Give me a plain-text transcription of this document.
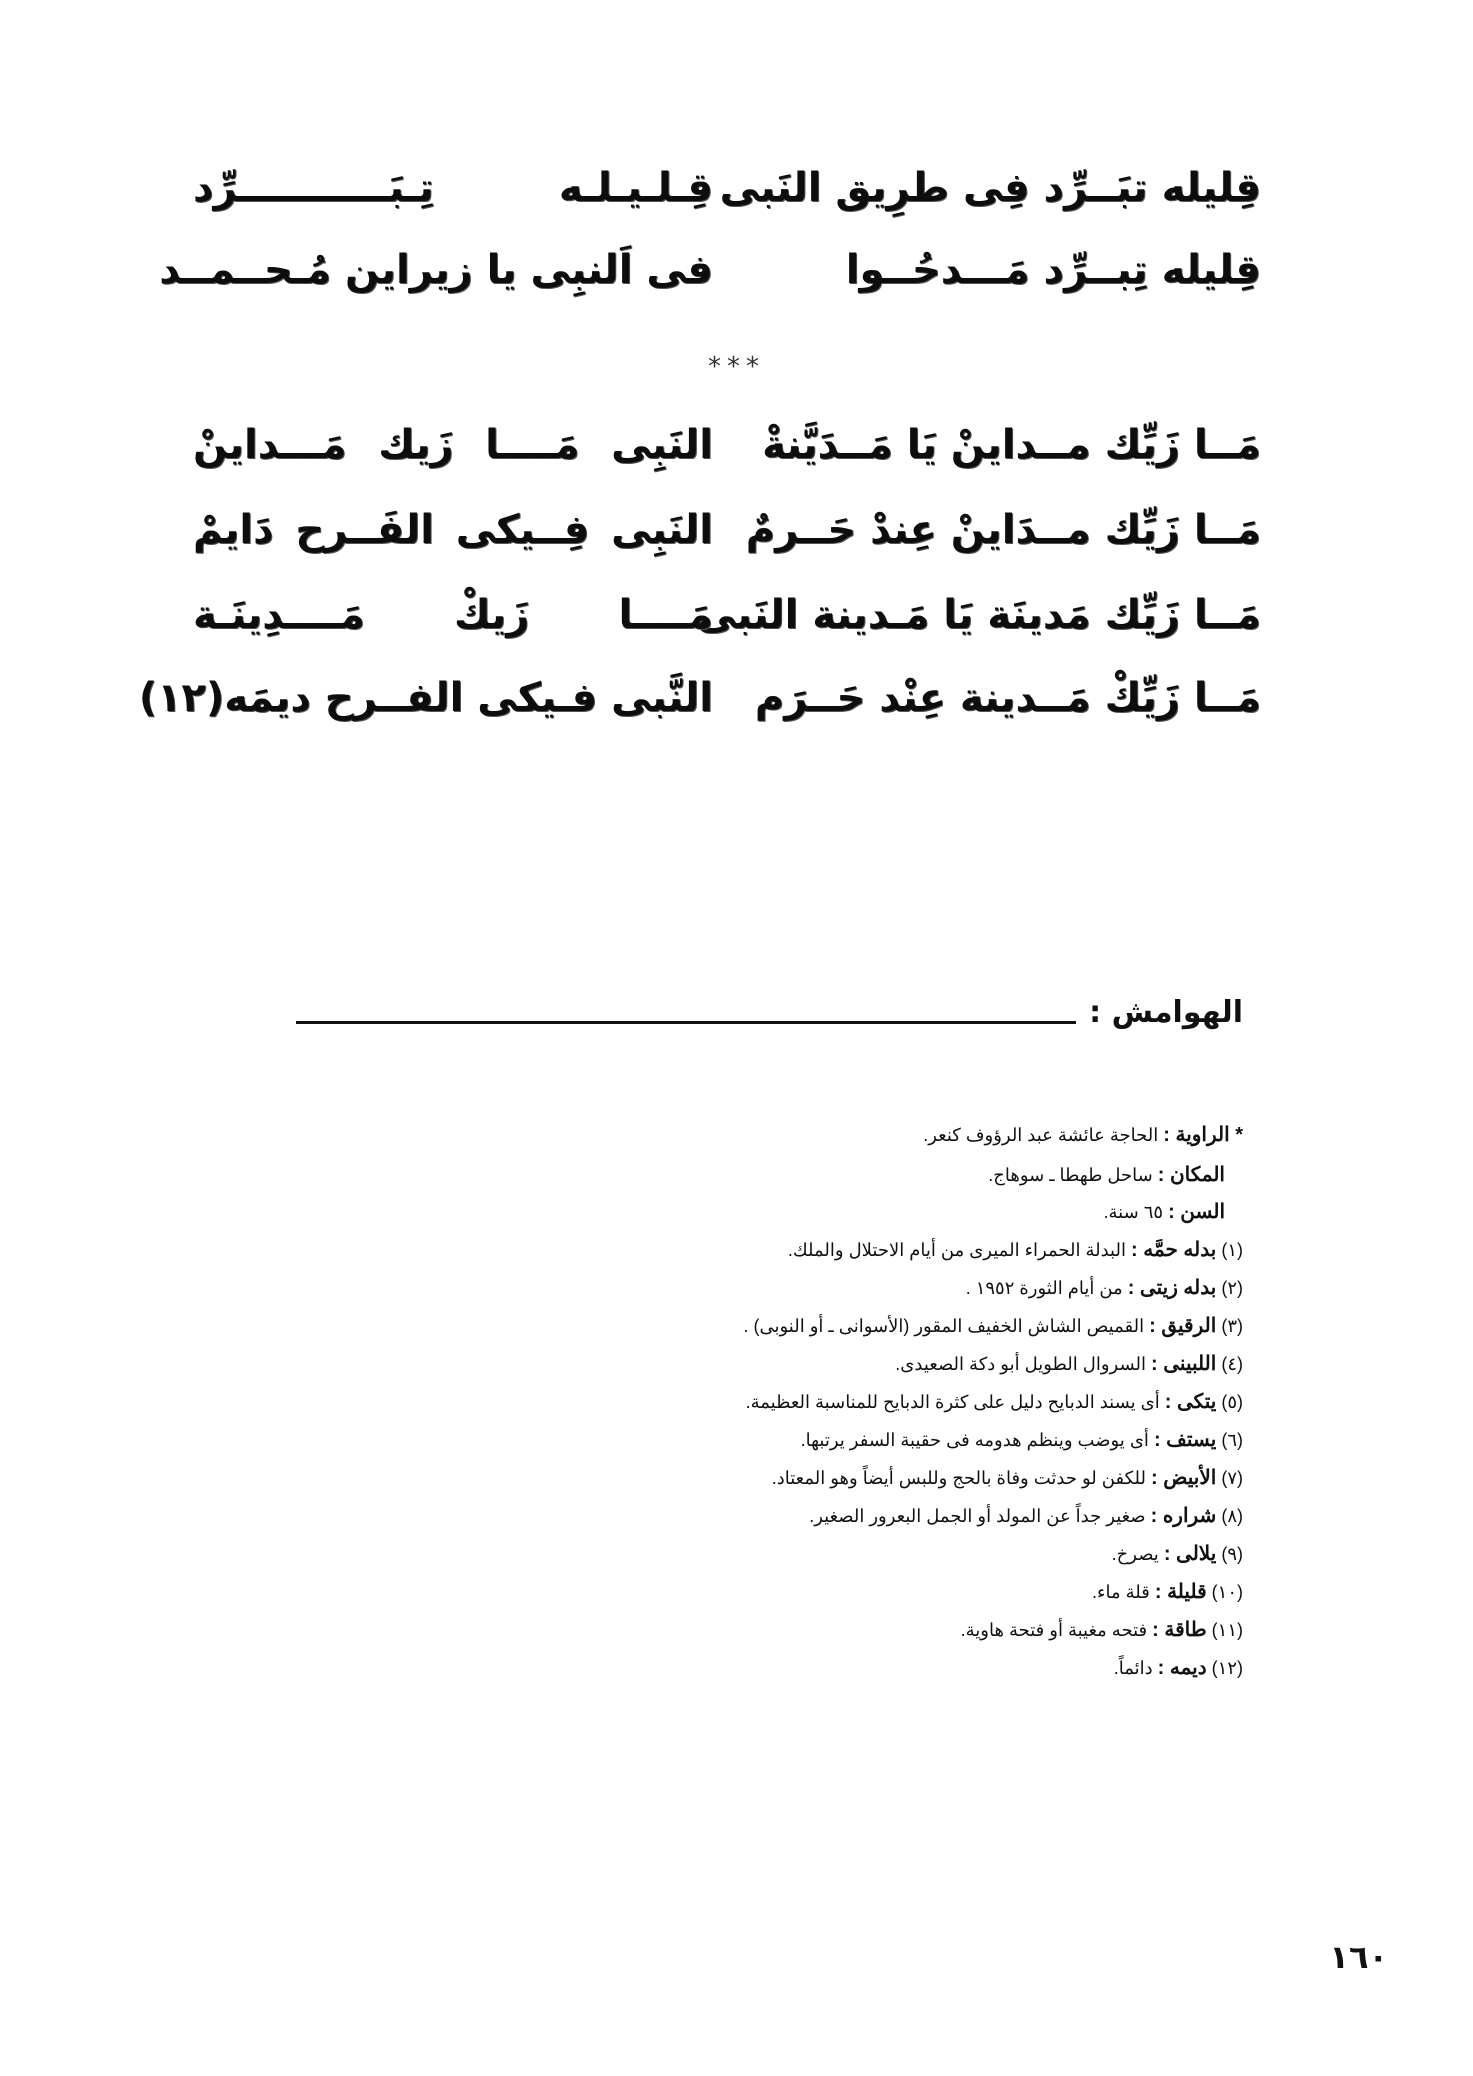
قِليله تبَــرِّد فِى طرِيق النَبى
قِـلـيـلـه تِـبَـــــــــــرِّد
قِليله تِبــرِّد مَـــدحُــوا
فى اَلنبِى يا زيراين مُـحــمــد
***
مَــا زَيِّك مــداينْ يَا مَــدَيَّنةْ
النَبِى مَــــا زَيك مَـــداينْ
مَــا زَيِّك مــدَاينْ عِندْ حَــرمٌ
النَبِى فِــيكى الفَــرح دَايمْ
مَــا زَيِّك مَدينَة يَا مَـدينة النَبى
مَــــا زَيكْ مَــــدِينَـة
مَــا زَيِّكْ مَــدينة عِنْد حَــرَم
النَّبى فـيكى الفــرح ديمَه(١٢)
الهوامش :
* الراوية : الحاجة عائشة عبد الرؤوف كنعر.
المكان : ساحل طهطا ـ سوهاج.
السن : ٦٥ سنة.
(١) بدله حمَّه : البدلة الحمراء الميرى من أيام الاحتلال والملك.
(٢) بدله زيتى : من أيام الثورة ١٩٥٢ .
(٣) الرقيق : القميص الشاش الخفيف المقور (الأسوانى ـ أو النوبى) .
(٤) اللبينى : السروال الطويل أبو دكة الصعيدى.
(٥) يتكى : أى يسند الدبايح دليل على كثرة الدبايح للمناسبة العظيمة.
(٦) يستف : أى يوضب وينظم هدومه فى حقيبة السفر يرتبها.
(٧) الأبيض : للكفن لو حدثت وفاة بالحج وللبس أيضاً وهو المعتاد.
(٨) شراره : صغير جداً عن المولد أو الجمل البعرور الصغير.
(٩) يلالى : يصرخ.
(١٠) قليلة : قلة ماء.
(١١) طاقة : فتحه مغيبة أو فتحة هاوية.
(١٢) ديمه : دائماً.
١٦٠
